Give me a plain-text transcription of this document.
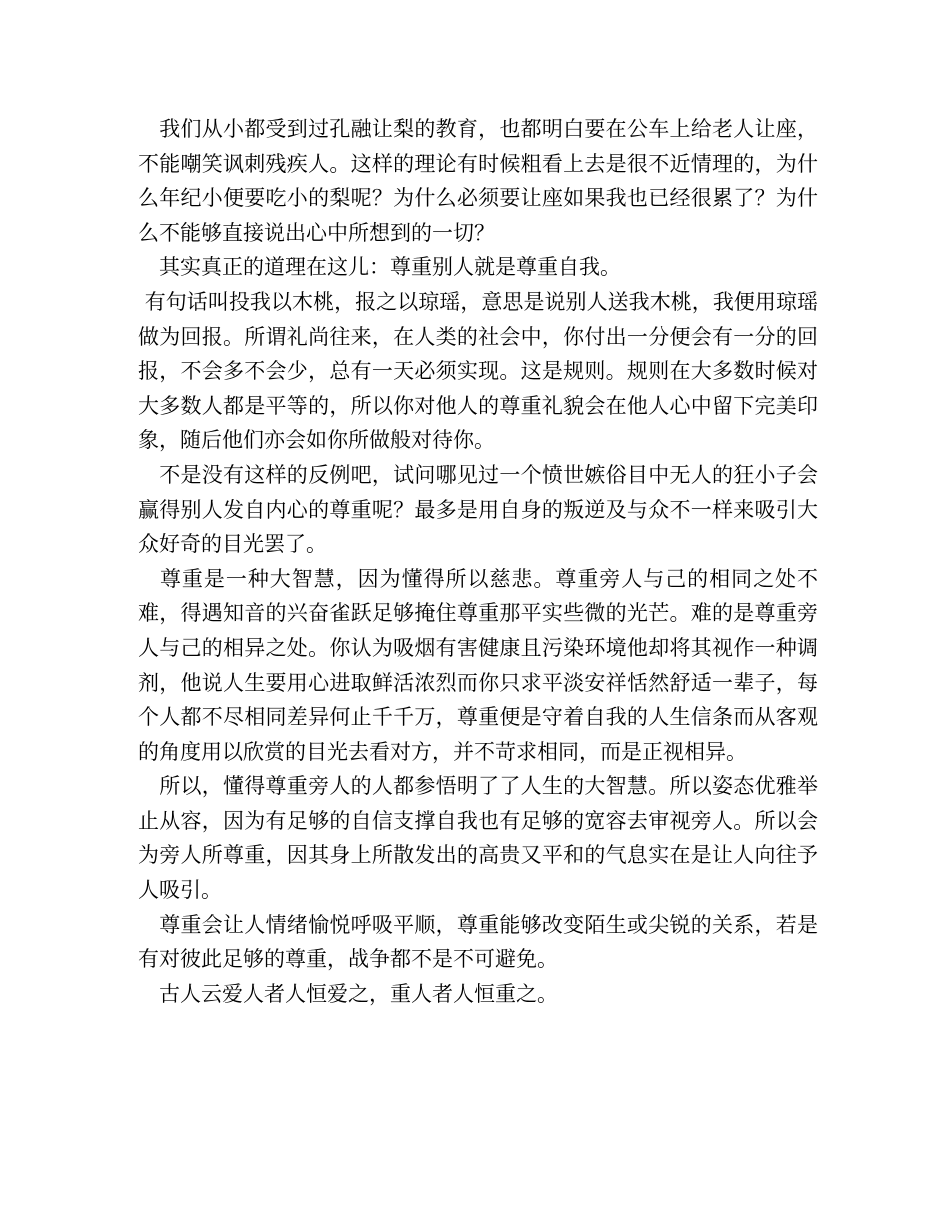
　我们从小都受到过孔融让梨的教育，也都明白要在公车上给老人让座，不能嘲笑讽刺残疾人。这样的理论有时候粗看上去是很不近情理的，为什么年纪小便要吃小的梨呢？为什么必须要让座如果我也已经很累了？为什么不能够直接说出心中所想到的一切？

　其实真正的道理在这儿：尊重别人就是尊重自我。

有句话叫投我以木桃，报之以琼瑶，意思是说别人送我木桃，我便用琼瑶做为回报。所谓礼尚往来，在人类的社会中，你付出一分便会有一分的回报，不会多不会少，总有一天必须实现。这是规则。规则在大多数时候对大多数人都是平等的，所以你对他人的尊重礼貌会在他人心中留下完美印象，随后他们亦会如你所做般对待你。

　不是没有这样的反例吧，试问哪见过一个愤世嫉俗目中无人的狂小子会赢得别人发自内心的尊重呢？最多是用自身的叛逆及与众不一样来吸引大众好奇的目光罢了。

　尊重是一种大智慧，因为懂得所以慈悲。尊重旁人与己的相同之处不难，得遇知音的兴奋雀跃足够掩住尊重那平实些微的光芒。难的是尊重旁人与己的相异之处。你认为吸烟有害健康且污染环境他却将其视作一种调剂，他说人生要用心进取鲜活浓烈而你只求平淡安祥恬然舒适一辈子，每个人都不尽相同差异何止千千万，尊重便是守着自我的人生信条而从客观的角度用以欣赏的目光去看对方，并不苛求相同，而是正视相异。

　所以，懂得尊重旁人的人都参悟明了了人生的大智慧。所以姿态优雅举止从容，因为有足够的自信支撑自我也有足够的宽容去审视旁人。所以会为旁人所尊重，因其身上所散发出的高贵又平和的气息实在是让人向往予人吸引。

　尊重会让人情绪愉悦呼吸平顺，尊重能够改变陌生或尖锐的关系，若是有对彼此足够的尊重，战争都不是不可避免。

　古人云爱人者人恒爱之，重人者人恒重之。
